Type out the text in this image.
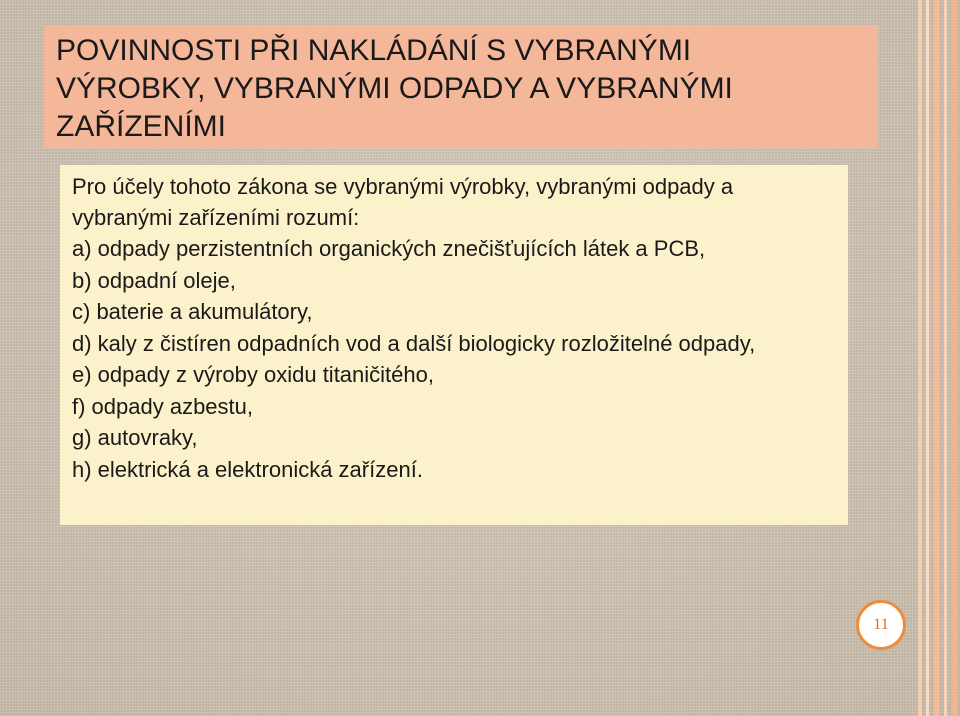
POVINNOSTI PŘI NAKLÁDÁNÍ S VYBRANÝMI VÝROBKY, VYBRANÝMI ODPADY A VYBRANÝMI ZAŘÍZENÍMI

Pro účely tohoto zákona se vybranými výrobky, vybranými odpady a vybranými zařízeními rozumí:

a) odpady perzistentních organických znečišťujících látek a PCB,
b) odpadní oleje,
c) baterie a akumulátory,
d) kaly z čistíren odpadních vod a další biologicky rozložitelné odpady,
e) odpady z výroby oxidu titaničitého,
f) odpady azbestu,
g) autovraky,
h) elektrická a elektronická zařízení.
11
